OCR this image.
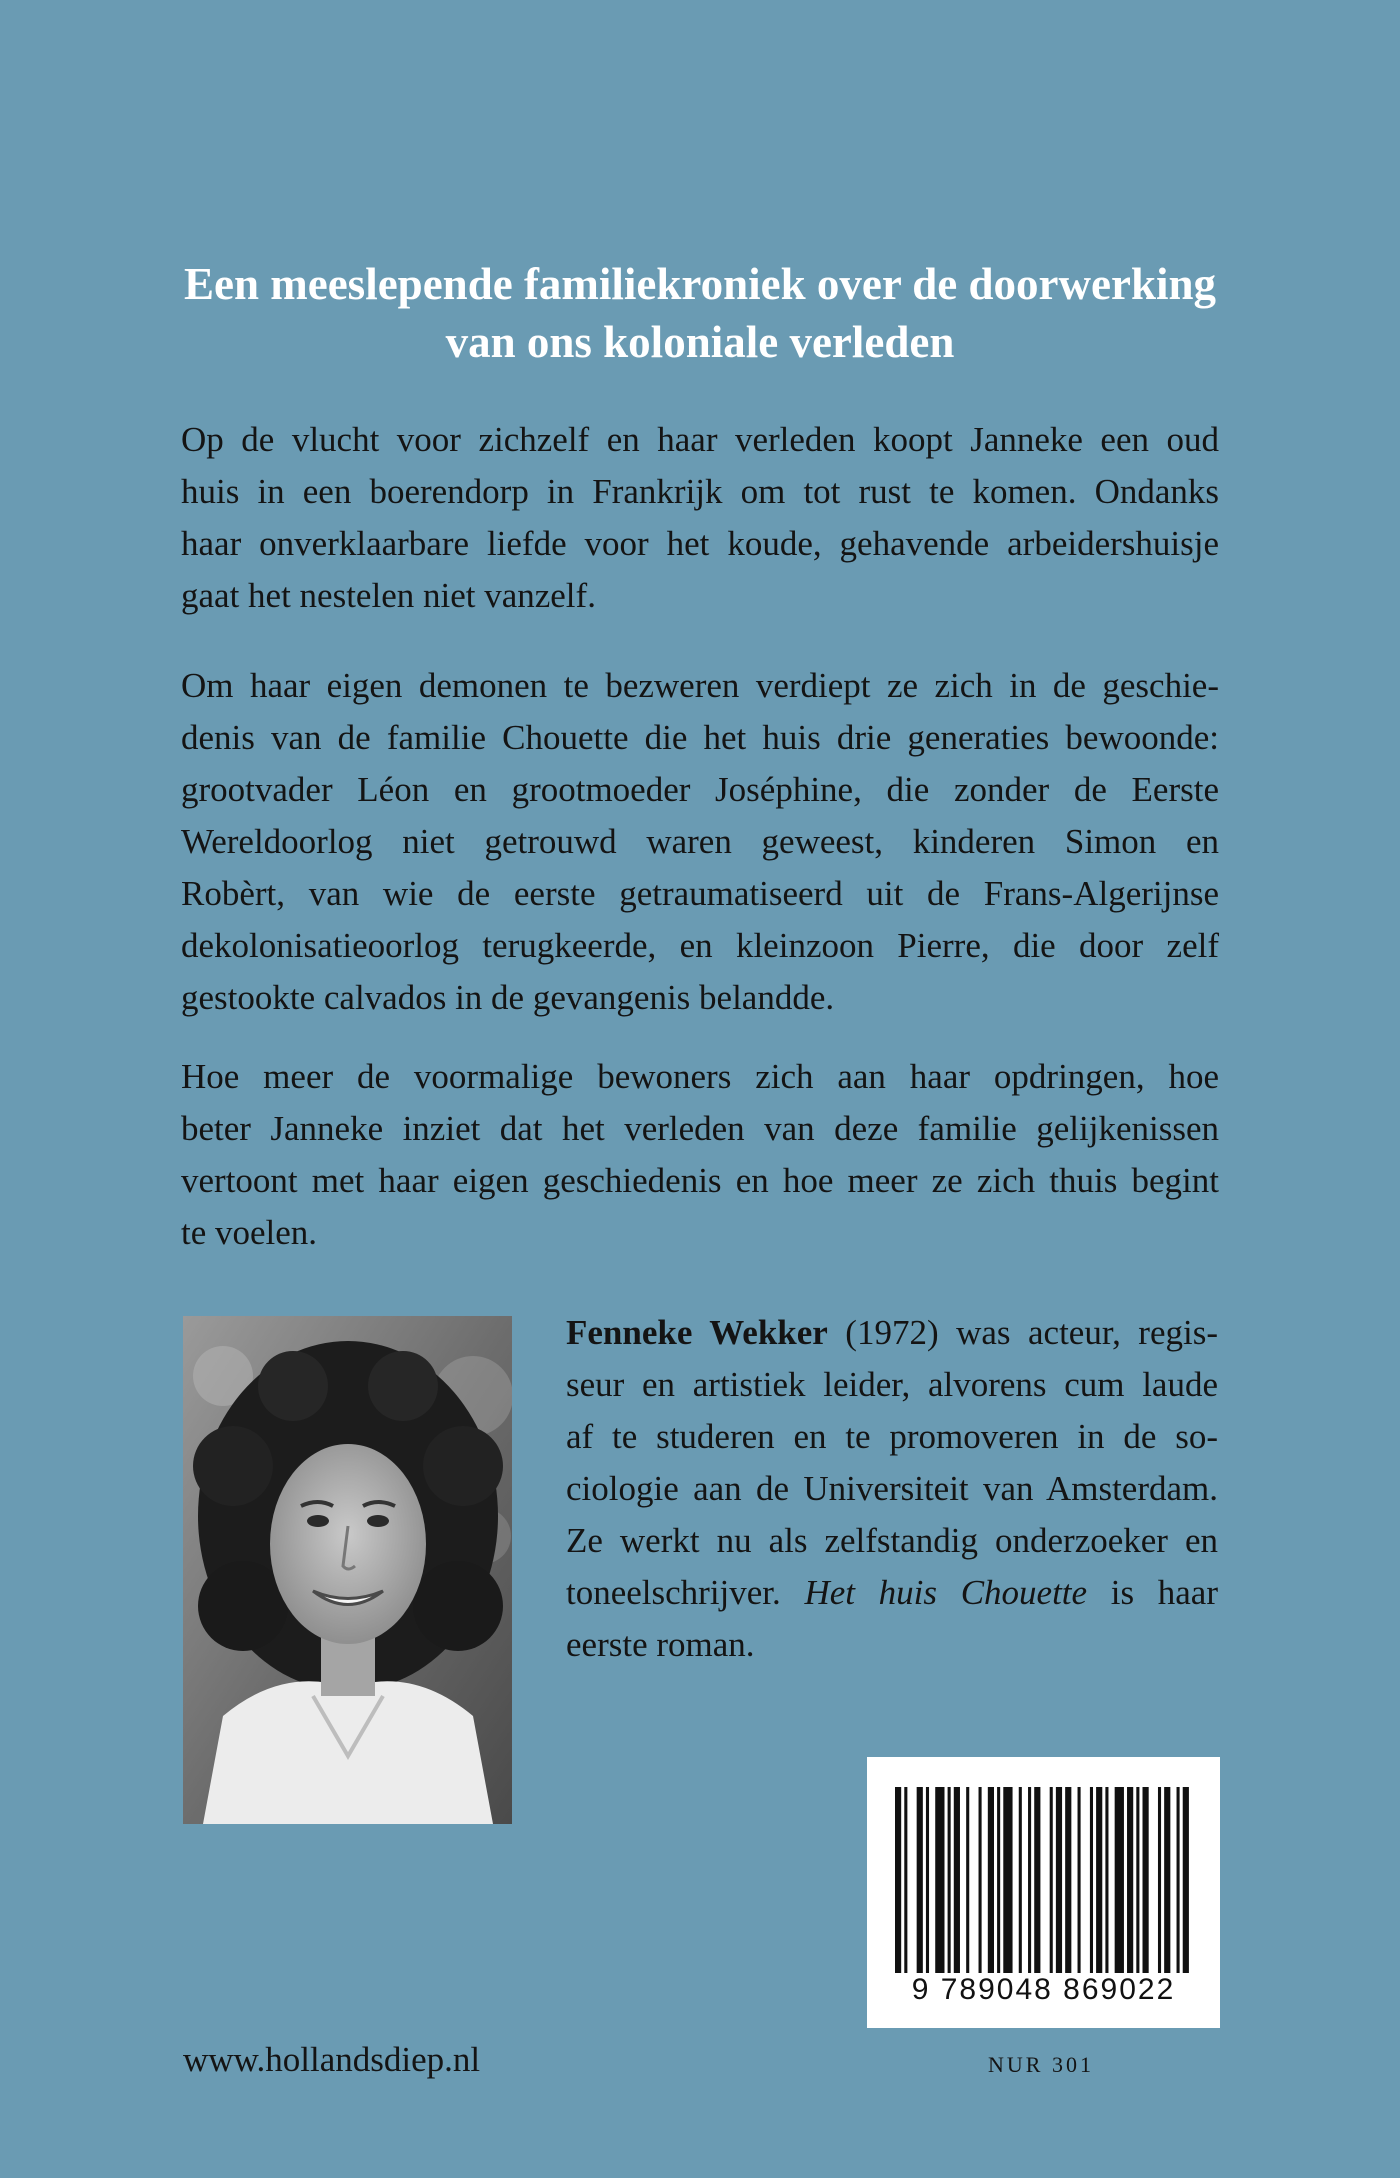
Een meeslepende familiekroniek over de doorwerking
van ons koloniale verleden

Op de vlucht voor zichzelf en haar verleden koopt Janneke een oud
huis in een boerendorp in Frankrijk om tot rust te komen. Ondanks
haar onverklaarbare liefde voor het koude, gehavende arbeidershuisje
gaat het nestelen niet vanzelf.

Om haar eigen demonen te bezweren verdiept ze zich in de geschie-
denis van de familie Chouette die het huis drie generaties bewoonde:
grootvader Léon en grootmoeder Joséphine, die zonder de Eerste
Wereldoorlog niet getrouwd waren geweest, kinderen Simon en
Robèrt, van wie de eerste getraumatiseerd uit de Frans-Algerijnse
dekolonisatieoorlog terugkeerde, en kleinzoon Pierre, die door zelf
gestookte calvados in de gevangenis belandde.

Hoe meer de voormalige bewoners zich aan haar opdringen, hoe
beter Janneke inziet dat het verleden van deze familie gelijkenissen
vertoont met haar eigen geschiedenis en hoe meer ze zich thuis begint
te voelen.

Fenneke Wekker (1972) was acteur, regis-
seur en artistiek leider, alvorens cum laude
af te studeren en te promoveren in de so-
ciologie aan de Universiteit van Amsterdam.
Ze werkt nu als zelfstandig onderzoeker en
toneelschrijver. Het huis Chouette is haar
eerste roman.

9 789048 869022
www.hollandsdiep.nl	NUR 301
